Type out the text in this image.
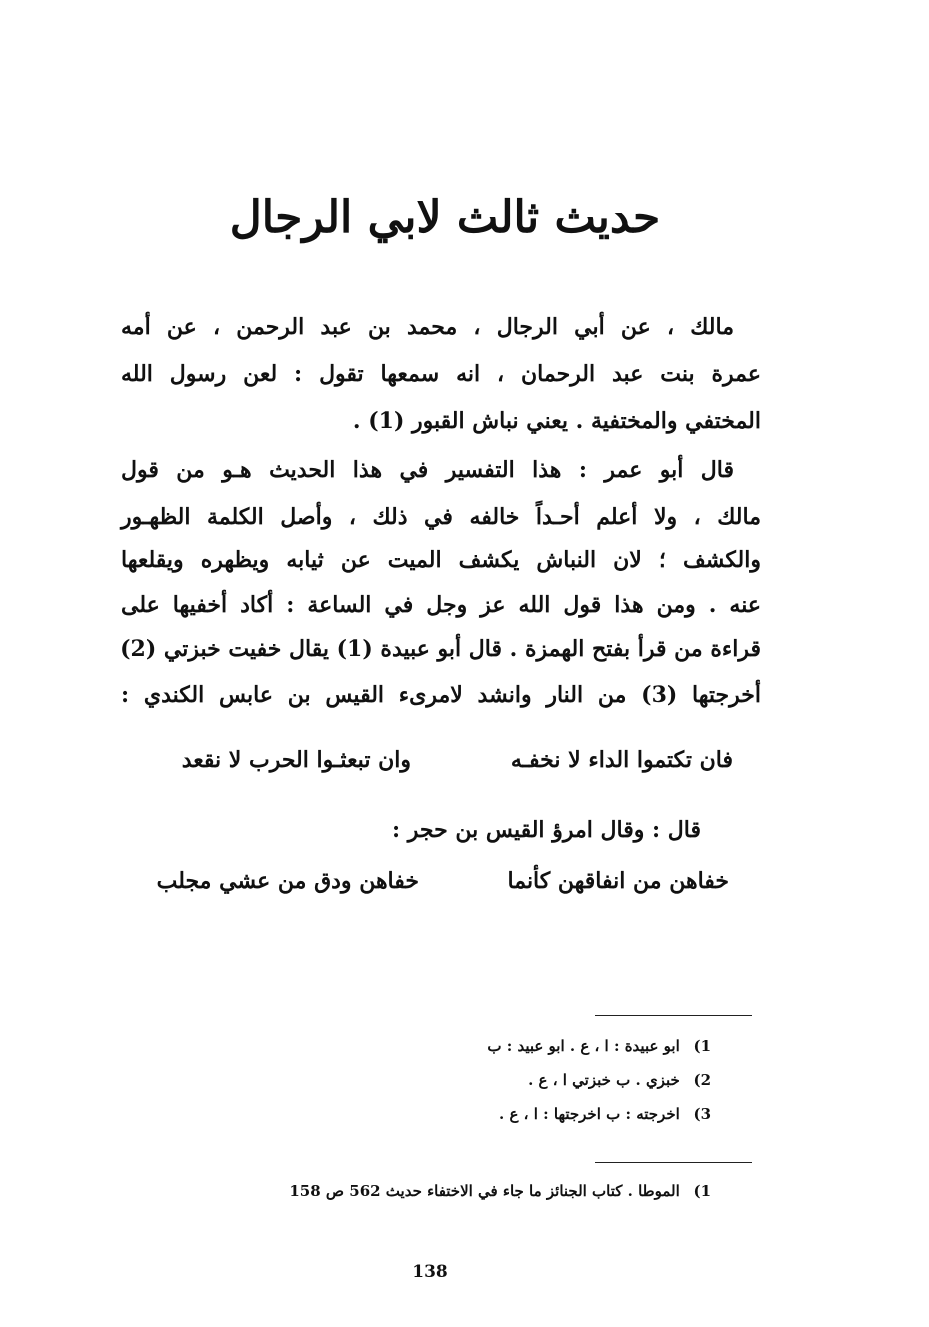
حديث ثالث لابي الرجال
مالك ، عن أبي الرجال ، محمد بن عبد الرحمن ، عن أمه
عمرة بنت عبد الرحمان ، انه سمعها تقول : لعن رسول الله
المختفي والمختفية . يعني نباش القبور (1) .
قال أبو عمر : هذا التفسير في هذا الحديث هـو من قول
مالك ، ولا أعلم أحـداً خالفه في ذلك ، وأصل الكلمة الظهـور
والكشف ؛ لان النباش يكشف الميت عن ثيابه ويظهره ويقلعها
عنه . ومن هذا قول الله عز وجل في الساعة : أكاد أخفيها على
قراءة من قرأ بفتح الهمزة . قال أبو عبيدة (1) يقال خفيت خبزتي (2)
أخرجتها (3) من النار وانشد لامرىء القيس بن عابس الكندي :
فان تكتموا الداء لا نخفـه
وان تبعثـوا الحرب لا نقعد
قال : وقال امرؤ القيس بن حجر :
خفاهن من انفاقهن كأنما
خفاهن ودق من عشي مجلب
1) ابو عبيدة : ا ، ع . ابو عبيد : ب
2) خبزي . ب خبزتي ا ، ع .
3) اخرجته : ب اخرجتها : ا ، ع .
1) الموطا . كتاب الجنائز ما جاء في الاختفاء حديث 562 ص 158
138
